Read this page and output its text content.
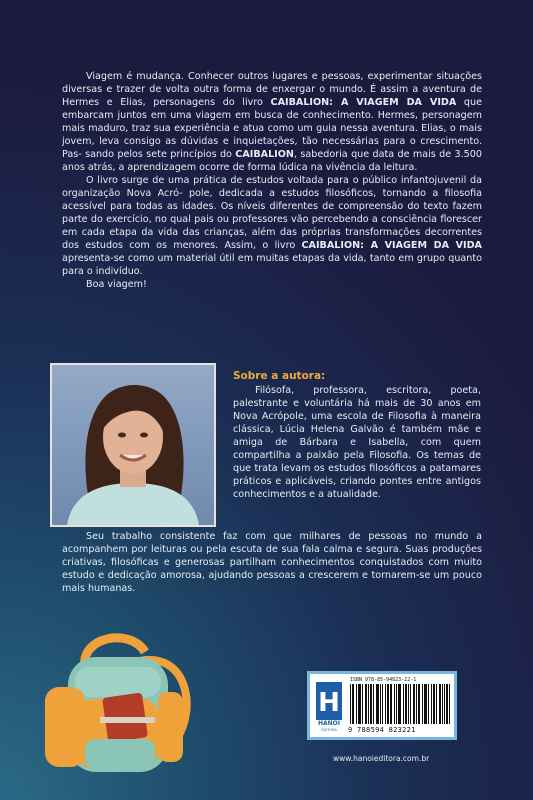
Viagem é mudança. Conhecer outros lugares e pessoas, experimentar situações diversas e trazer de volta outra forma de enxergar o mundo. É assim a aventura de Hermes e Elias, personagens do livro CAIBALION: A VIAGEM DA VIDA que embarcam juntos em uma viagem em busca de conhecimento. Hermes, personagem mais maduro, traz sua experiência e atua como um guia nessa aventura. Elias, o mais jovem, leva consigo as dúvidas e inquietações, tão necessárias para o crescimento. Pas- sando pelos sete princípios do CAIBALION, sabedoria que data de mais de 3.500 anos atrás, a aprendizagem ocorre de forma lúdica na vivência da leitura.

O livro surge de uma prática de estudos voltada para o público infantojuvenil da organização Nova Acró- pole, dedicada a estudos filosóficos, tornando a filosofia acessível para todas as idades. Os níveis diferentes de compreensão do texto fazem parte do exercício, no qual pais ou professores vão percebendo a consciência florescer em cada etapa da vida das crianças, além das próprias transformações decorrentes dos estudos com os menores. Assim, o livro CAIBALION: A VIAGEM DA VIDA apresenta-se como um material útil em muitas etapas da vida, tanto em grupo quanto para o indivíduo.

Boa viagem!

Sobre a autora:

Filósofa, professora, escritora, poeta, palestrante e voluntária há mais de 30 anos em Nova Acrópole, uma escola de Filosofia à maneira clássica, Lúcia Helena Galvão é também mãe e amiga de Bárbara e Isabella, com quem compartilha a paixão pela Filosofia. Os temas de que trata levam os estudos filosóficos a patamares práticos e aplicáveis, criando pontes entre antigos conhecimentos e a atualidade.

Seu trabalho consistente faz com que milhares de pessoas no mundo a acompanhem por leituras ou pela escuta de sua fala calma e segura. Suas produções criativas, filosóficas e generosas partilham conhecimentos conquistados com muito estudo e dedicação amorosa, ajudando pessoas a crescerem e tornarem-se um pouco mais humanas.

H
HANOI
EDITORA
ISBN 978-85-94823-22-1
9 788594 823221
www.hanoieditora.com.br
